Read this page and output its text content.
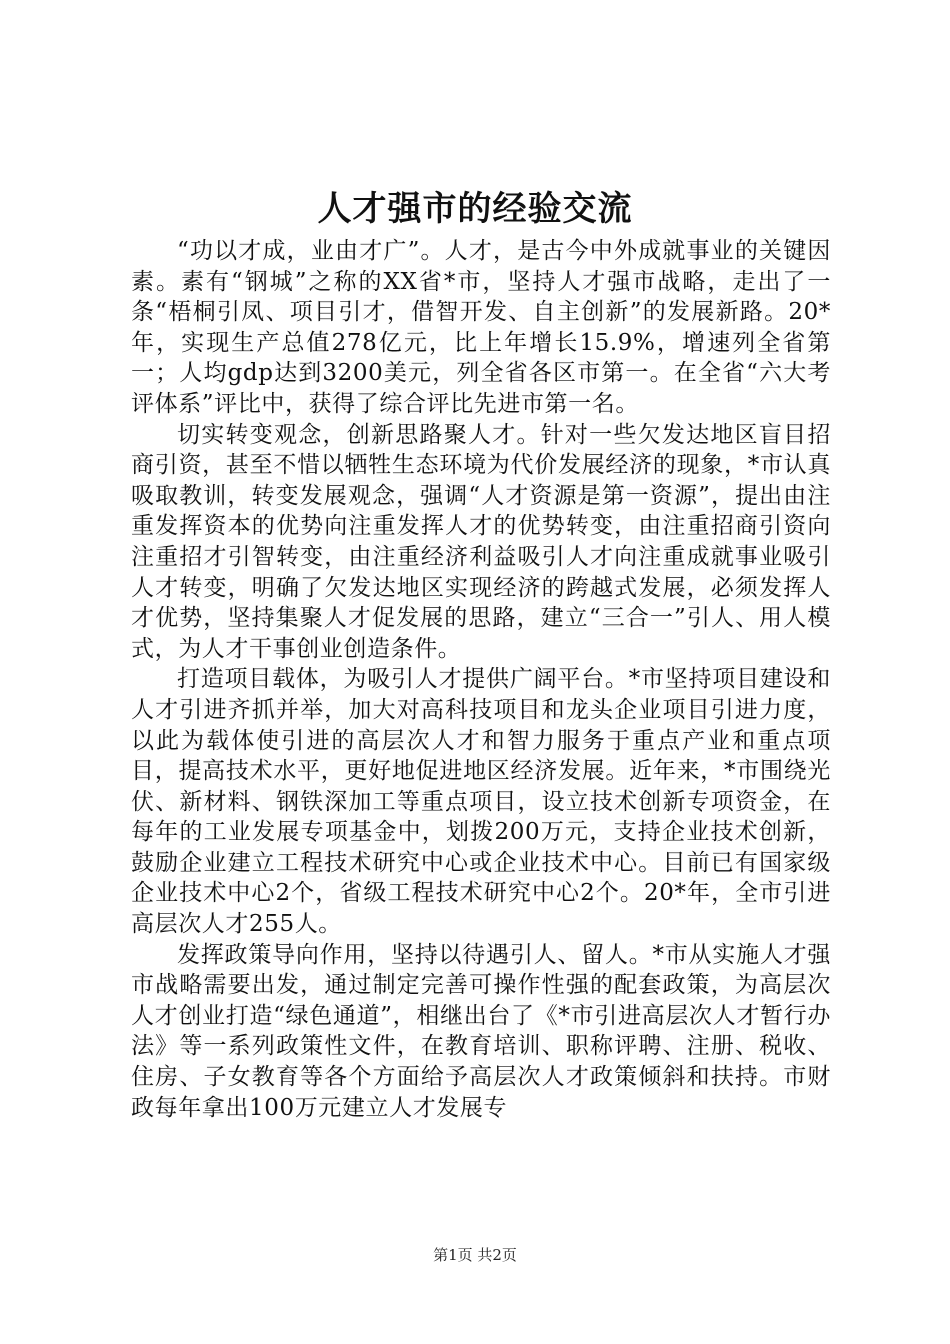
人才强市的经验交流

“功以才成，业由才广”。人才，是古今中外成就事业的关键因素。素有“钢城”之称的XX省*市，坚持人才强市战略，走出了一条“梧桐引凤、项目引才，借智开发、自主创新”的发展新路。20*年，实现生产总值278亿元，比上年增长15.9%，增速列全省第一；人均gdp达到3200美元，列全省各区市第一。在全省“六大考评体系”评比中，获得了综合评比先进市第一名。

切实转变观念，创新思路聚人才。针对一些欠发达地区盲目招商引资，甚至不惜以牺牲生态环境为代价发展经济的现象，*市认真吸取教训，转变发展观念，强调“人才资源是第一资源”，提出由注重发挥资本的优势向注重发挥人才的优势转变，由注重招商引资向注重招才引智转变，由注重经济利益吸引人才向注重成就事业吸引人才转变，明确了欠发达地区实现经济的跨越式发展，必须发挥人才优势，坚持集聚人才促发展的思路，建立“三合一”引人、用人模式，为人才干事创业创造条件。

打造项目载体，为吸引人才提供广阔平台。*市坚持项目建设和人才引进齐抓并举，加大对高科技项目和龙头企业项目引进力度，以此为载体使引进的高层次人才和智力服务于重点产业和重点项目，提高技术水平，更好地促进地区经济发展。近年来，*市围绕光伏、新材料、钢铁深加工等重点项目，设立技术创新专项资金，在每年的工业发展专项基金中，划拨200万元，支持企业技术创新，鼓励企业建立工程技术研究中心或企业技术中心。目前已有国家级企业技术中心2个，省级工程技术研究中心2个。20*年，全市引进高层次人才255人。

发挥政策导向作用，坚持以待遇引人、留人。*市从实施人才强市战略需要出发，通过制定完善可操作性强的配套政策，为高层次人才创业打造“绿色通道”，相继出台了《*市引进高层次人才暂行办法》等一系列政策性文件，在教育培训、职称评聘、注册、税收、住房、子女教育等各个方面给予高层次人才政策倾斜和扶持。市财政每年拿出100万元建立人才发展专

第1页 共2页
